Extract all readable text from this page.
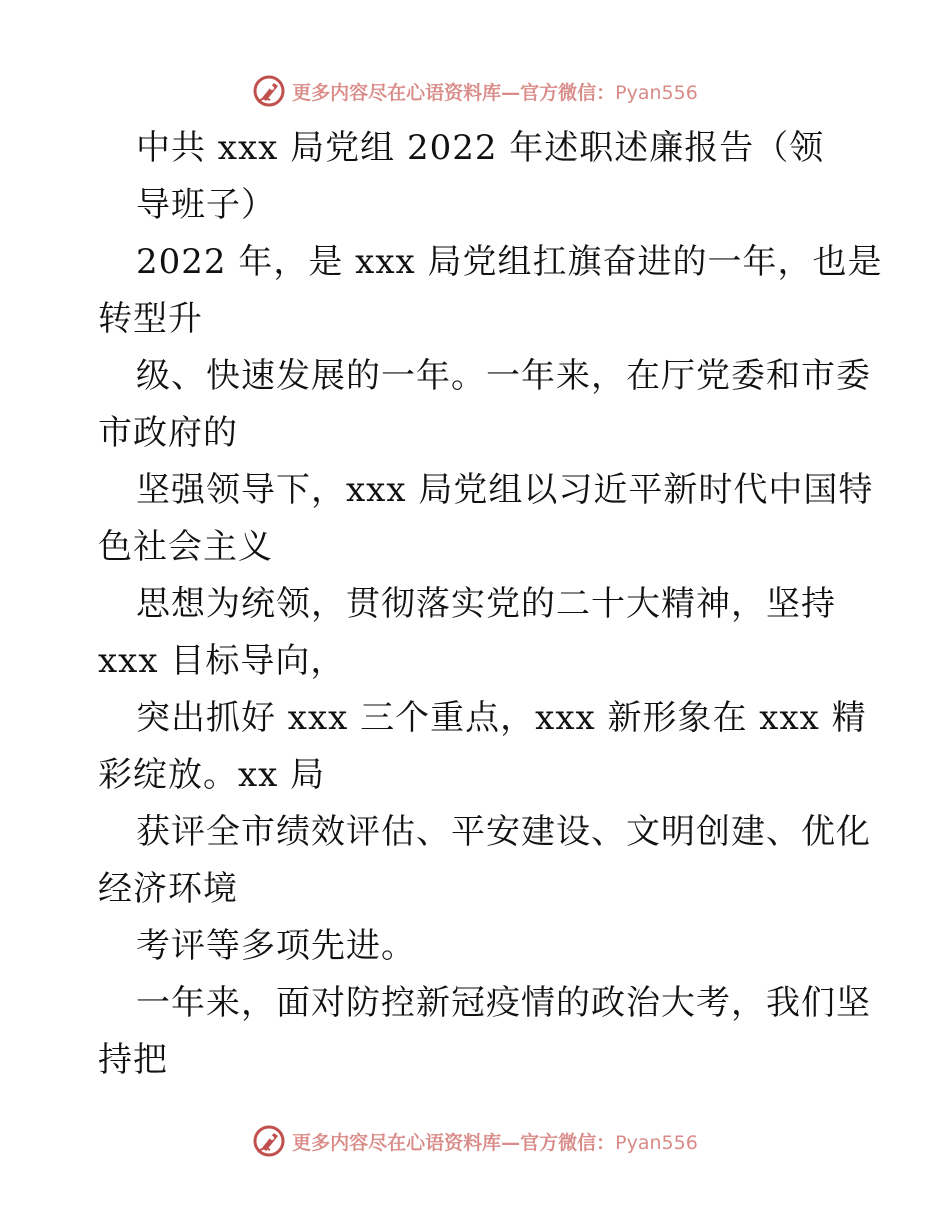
更多内容尽在心语资料库—官方微信：Pyan556
中共 xxx 局党组 2022 年述职述廉报告（领
导班子）
2022 年，是 xxx 局党组扛旗奋进的一年，也是
转型升
级、快速发展的一年。一年来，在厅党委和市委
市政府的
坚强领导下，xxx 局党组以习近平新时代中国特
色社会主义
思想为统领，贯彻落实党的二十大精神，坚持
xxx 目标导向，
突出抓好 xxx 三个重点，xxx 新形象在 xxx 精
彩绽放。xx 局
获评全市绩效评估、平安建设、文明创建、优化
经济环境
考评等多项先进。
一年来，面对防控新冠疫情的政治大考，我们坚
持把
更多内容尽在心语资料库—官方微信：Pyan556
